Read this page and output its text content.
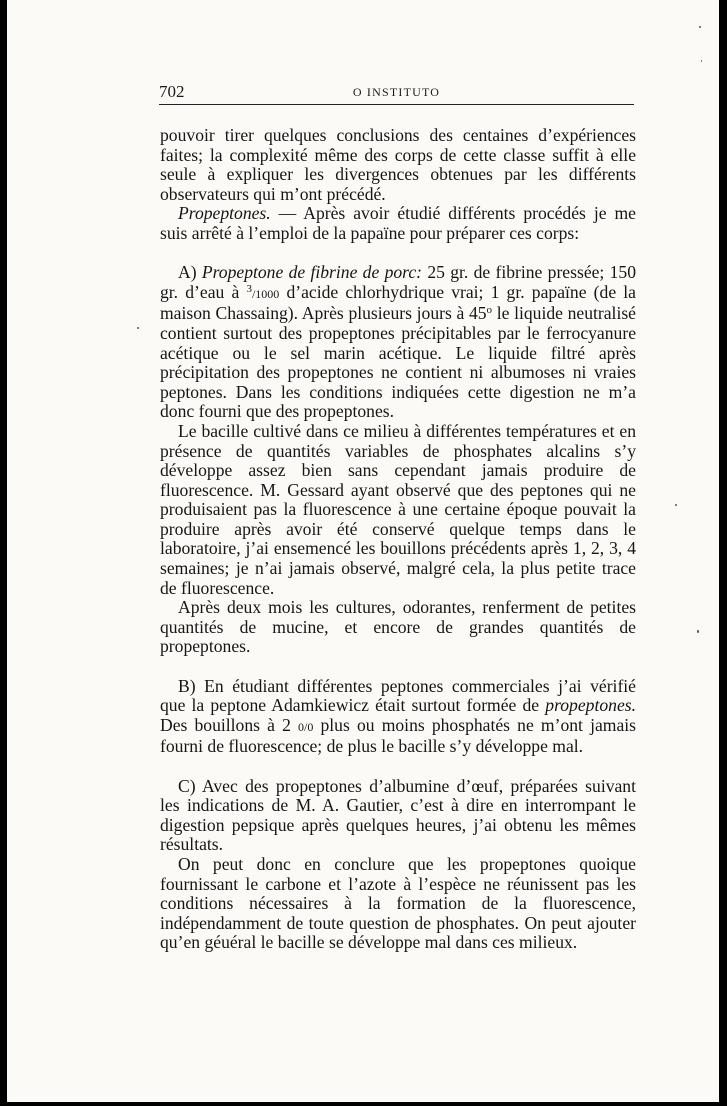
702	O INSTITUTO

pouvoir tirer quelques conclusions des centaines d’expériences faites; la complexité même des corps de cette classe suffit à elle seule à expliquer les divergences obtenues par les différents observateurs qui m’ont précédé.

Propeptones. — Après avoir étudié différents procédés je me suis arrêté à l’emploi de la papaïne pour préparer ces corps:

A) Propeptone de fibrine de porc: 25 gr. de fibrine pressée; 150 gr. d’eau à $^3$/1000 d’acide chlorhydrique vrai; 1 gr. papaïne (de la maison Chassaing). Après plusieurs jours à 45$^o$ le liquide neutralisé contient surtout des propeptones précipitables par le ferrocyanure acétique ou le sel marin acétique. Le liquide filtré après précipitation des propeptones ne contient ni albumoses ni vraies peptones. Dans les conditions indiquées cette digestion ne m’a donc fourni que des propeptones.

Le bacille cultivé dans ce milieu à différentes températures et en présence de quantités variables de phosphates alcalins s’y développe assez bien sans cependant jamais produire de fluorescence. M. Gessard ayant observé que des peptones qui ne produisaient pas la fluorescence à une certaine époque pouvait la produire après avoir été conservé quelque temps dans le laboratoire, j’ai ensemencé les bouillons précédents après 1, 2, 3, 4 semaines; je n’ai jamais observé, malgré cela, la plus petite trace de fluorescence.

Après deux mois les cultures, odorantes, renferment de petites quantités de mucine, et encore de grandes quantités de propeptones.

B) En étudiant différentes peptones commerciales j’ai vérifié que la peptone Adamkiewicz était surtout formée de propeptones. Des bouillons à 2 0/0 plus ou moins phosphatés ne m’ont jamais fourni de fluorescence; de plus le bacille s’y développe mal.

C) Avec des propeptones d’albumine d’œuf, préparées suivant les indications de M. A. Gautier, c’est à dire en interrompant le digestion pepsique après quelques heures, j’ai obtenu les mêmes résultats.

On peut donc en conclure que les propeptones quoique fournissant le carbone et l’azote à l’espèce ne réunissent pas les conditions nécessaires à la formation de la fluorescence, indépendamment de toute question de phosphates. On peut ajouter qu’en géuéral le bacille se développe mal dans ces milieux.
